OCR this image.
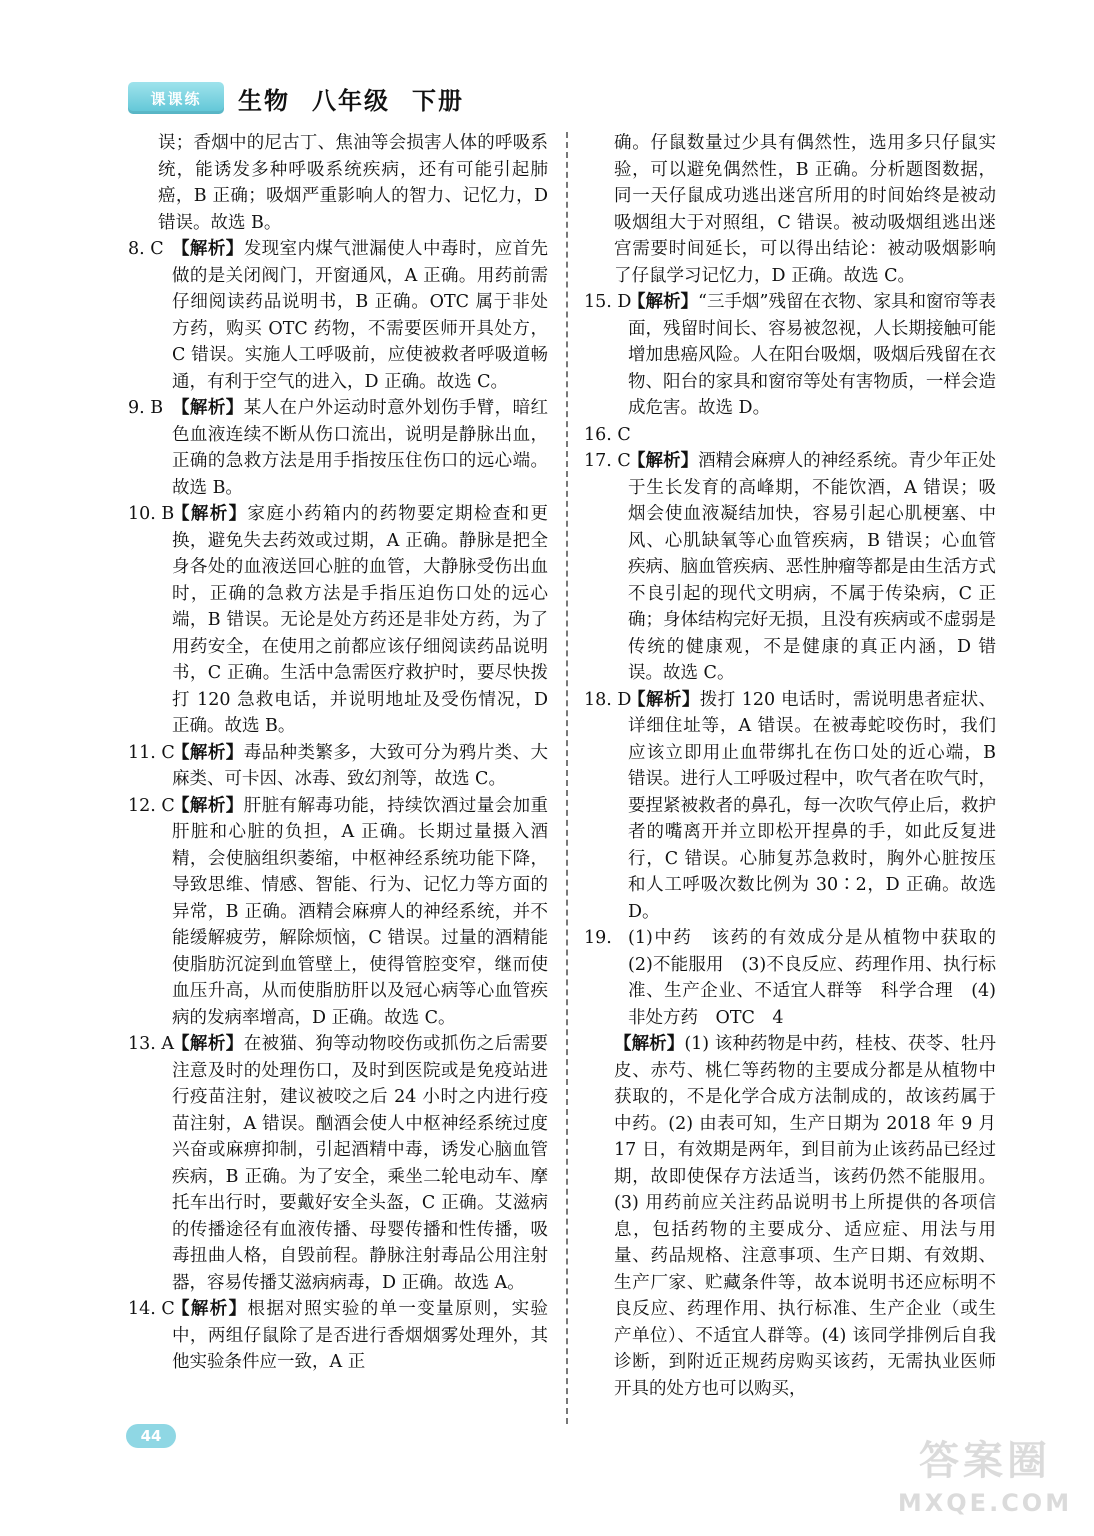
课课练	生物 八年级 下册
误；香烟中的尼古丁、焦油等会损害人体的呼吸系统，能诱发多种呼吸系统疾病，还有可能引起肺癌，B 正确；吸烟严重影响人的智力、记忆力，D 错误。故选 B。
8. C 【解析】发现室内煤气泄漏使人中毒时，应首先做的是关闭阀门，开窗通风，A 正确。用药前需仔细阅读药品说明书，B 正确。OTC 属于非处方药，购买 OTC 药物，不需要医师开具处方，C 错误。实施人工呼吸前，应使被救者呼吸道畅通，有利于空气的进入，D 正确。故选 C。
9. B 【解析】某人在户外运动时意外划伤手臂，暗红色血液连续不断从伤口流出，说明是静脉出血，正确的急救方法是用手指按压住伤口的远心端。故选 B。
10. B
【解析】家庭小药箱内的药物要定期检查和更换，避免失去药效或过期，A 正确。静脉是把全身各处的血液送回心脏的血管，大静脉受伤出血时，正确的急救方法是手指压迫伤口处的远心端，B 错误。无论是处方药还是非处方药，为了用药安全，在使用之前都应该仔细阅读药品说明书，C 正确。生活中急需医疗救护时，要尽快拨打 120 急救电话，并说明地址及受伤情况，D 正确。故选 B。
11. C
【解析】毒品种类繁多，大致可分为鸦片类、大麻类、可卡因、冰毒、致幻剂等，故选 C。
12. C
【解析】肝脏有解毒功能，持续饮酒过量会加重肝脏和心脏的负担，A 正确。长期过量摄入酒精，会使脑组织萎缩，中枢神经系统功能下降，导致思维、情感、智能、行为、记忆力等方面的异常，B 正确。酒精会麻痹人的神经系统，并不能缓解疲劳，解除烦恼，C 错误。过量的酒精能使脂肪沉淀到血管壁上，使得管腔变窄，继而使血压升高，从而使脂肪肝以及冠心病等心血管疾病的发病率增高，D 正确。故选 C。
13. A
【解析】在被猫、狗等动物咬伤或抓伤之后需要注意及时的处理伤口，及时到医院或是免疫站进行疫苗注射，建议被咬之后 24 小时之内进行疫苗注射，A 错误。酗酒会使人中枢神经系统过度兴奋或麻痹抑制，引起酒精中毒，诱发心脑血管疾病，B 正确。为了安全，乘坐二轮电动车、摩托车出行时，要戴好安全头盔，C 正确。艾滋病的传播途径有血液传播、母婴传播和性传播，吸毒扭曲人格，自毁前程。静脉注射毒品公用注射器，容易传播艾滋病病毒，D 正确。故选 A。
14. C
【解析】根据对照实验的单一变量原则，实验中，两组仔鼠除了是否进行香烟烟雾处理外，其他实验条件应一致，A 正
确。仔鼠数量过少具有偶然性，选用多只仔鼠实验，可以避免偶然性，B 正确。分析题图数据，同一天仔鼠成功逃出迷宫所用的时间始终是被动吸烟组大于对照组，C 错误。被动吸烟组逃出迷宫需要时间延长，可以得出结论：被动吸烟影响了仔鼠学习记忆力，D 正确。故选 C。
15. D
【解析】“三手烟”残留在衣物、家具和窗帘等表面，残留时间长、容易被忽视，人长期接触可能增加患癌风险。人在阳台吸烟，吸烟后残留在衣物、阳台的家具和窗帘等处有害物质，一样会造成危害。故选 D。
16. C
17. C
【解析】酒精会麻痹人的神经系统。青少年正处于生长发育的高峰期，不能饮酒，A 错误；吸烟会使血液凝结加快，容易引起心肌梗塞、中风、心肌缺氧等心血管疾病，B 错误；心血管疾病、脑血管疾病、恶性肿瘤等都是由生活方式不良引起的现代文明病，不属于传染病，C 正确；身体结构完好无损，且没有疾病或不虚弱是传统的健康观，不是健康的真正内涵，D 错误。故选 C。
18. D
【解析】拨打 120 电话时，需说明患者症状、详细住址等，A 错误。在被毒蛇咬伤时，我们应该立即用止血带绑扎在伤口处的近心端，B 错误。进行人工呼吸过程中，吹气者在吹气时，要捏紧被救者的鼻孔，每一次吹气停止后，救护者的嘴离开并立即松开捏鼻的手，如此反复进行，C 错误。心肺复苏急救时，胸外心脏按压和人工呼吸次数比例为 30∶2，D 正确。故选 D。
19. (1)中药　该药的有效成分是从植物中获取的　(2)不能服用　(3)不良反应、药理作用、执行标准、生产企业、不适宜人群等　科学合理　(4)非处方药　OTC　4
【解析】(1) 该种药物是中药，桂枝、茯苓、牡丹皮、赤芍、桃仁等药物的主要成分都是从植物中获取的，不是化学合成方法制成的，故该药属于中药。(2) 由表可知，生产日期为 2018 年 9 月 17 日，有效期是两年，到目前为止该药品已经过期，故即使保存方法适当，该药仍然不能服用。(3) 用药前应关注药品说明书上所提供的各项信息，包括药物的主要成分、适应症、用法与用量、药品规格、注意事项、生产日期、有效期、生产厂家、贮藏条件等，故本说明书还应标明不良反应、药理作用、执行标准、生产企业（或生产单位）、不适宜人群等。(4) 该同学排例后自我诊断，到附近正规药房购买该药，无需执业医师开具的处方也可以购买，
44
答案圈
MXQE.COM
